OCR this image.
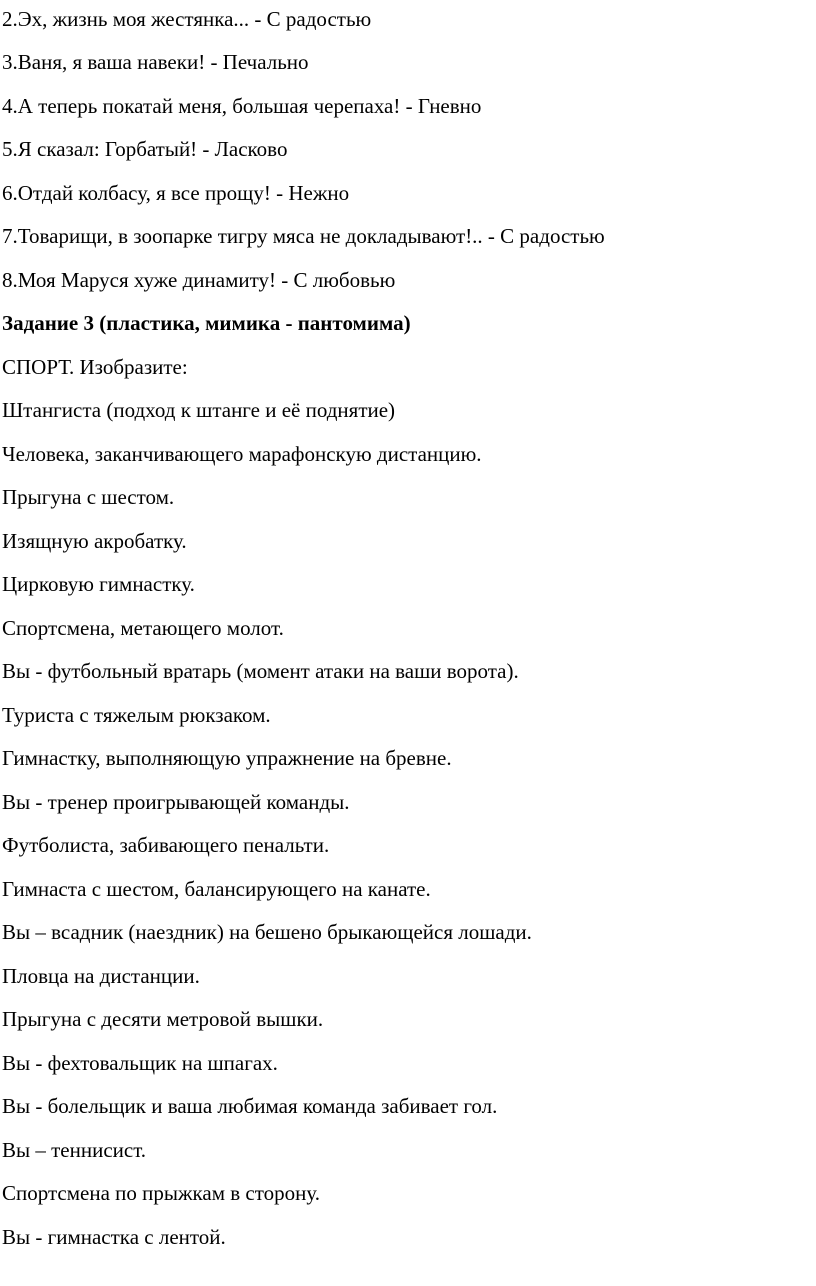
2.Эх, жизнь моя жестянка... - С радостью
3.Ваня, я ваша навеки! - Печально
4.А теперь покатай меня, большая черепаха! - Гневно
5.Я сказал: Горбатый! - Ласково
6.Отдай колбасу, я все прощу! - Нежно
7.Товарищи, в зоопарке тигру мяса не докладывают!.. - С радостью
8.Моя Маруся хуже динамиту! - С любовью
Задание 3 (пластика, мимика - пантомима)
СПОРТ. Изобразите:
Штангиста (подход к штанге и её поднятие)
Человека, заканчивающего марафонскую дистанцию.
Прыгуна с шестом.
Изящную акробатку.
Цирковую гимнастку.
Спортсмена, метающего молот.
Вы - футбольный вратарь (момент атаки на ваши ворота).
Туриста с тяжелым рюкзаком.
Гимнастку, выполняющую упражнение на бревне.
Вы - тренер проигрывающей команды.
Футболиста, забивающего пенальти.
Гимнаста с шестом, балансирующего на канате.
Вы – всадник (наездник) на бешено брыкающейся лошади.
Пловца на дистанции.
Прыгуна с десяти метровой вышки.
Вы - фехтовальщик на шпагах.
Вы - болельщик и ваша любимая команда забивает гол.
Вы – теннисист.
Спортсмена по прыжкам в сторону.
Вы - гимнастка с лентой.
